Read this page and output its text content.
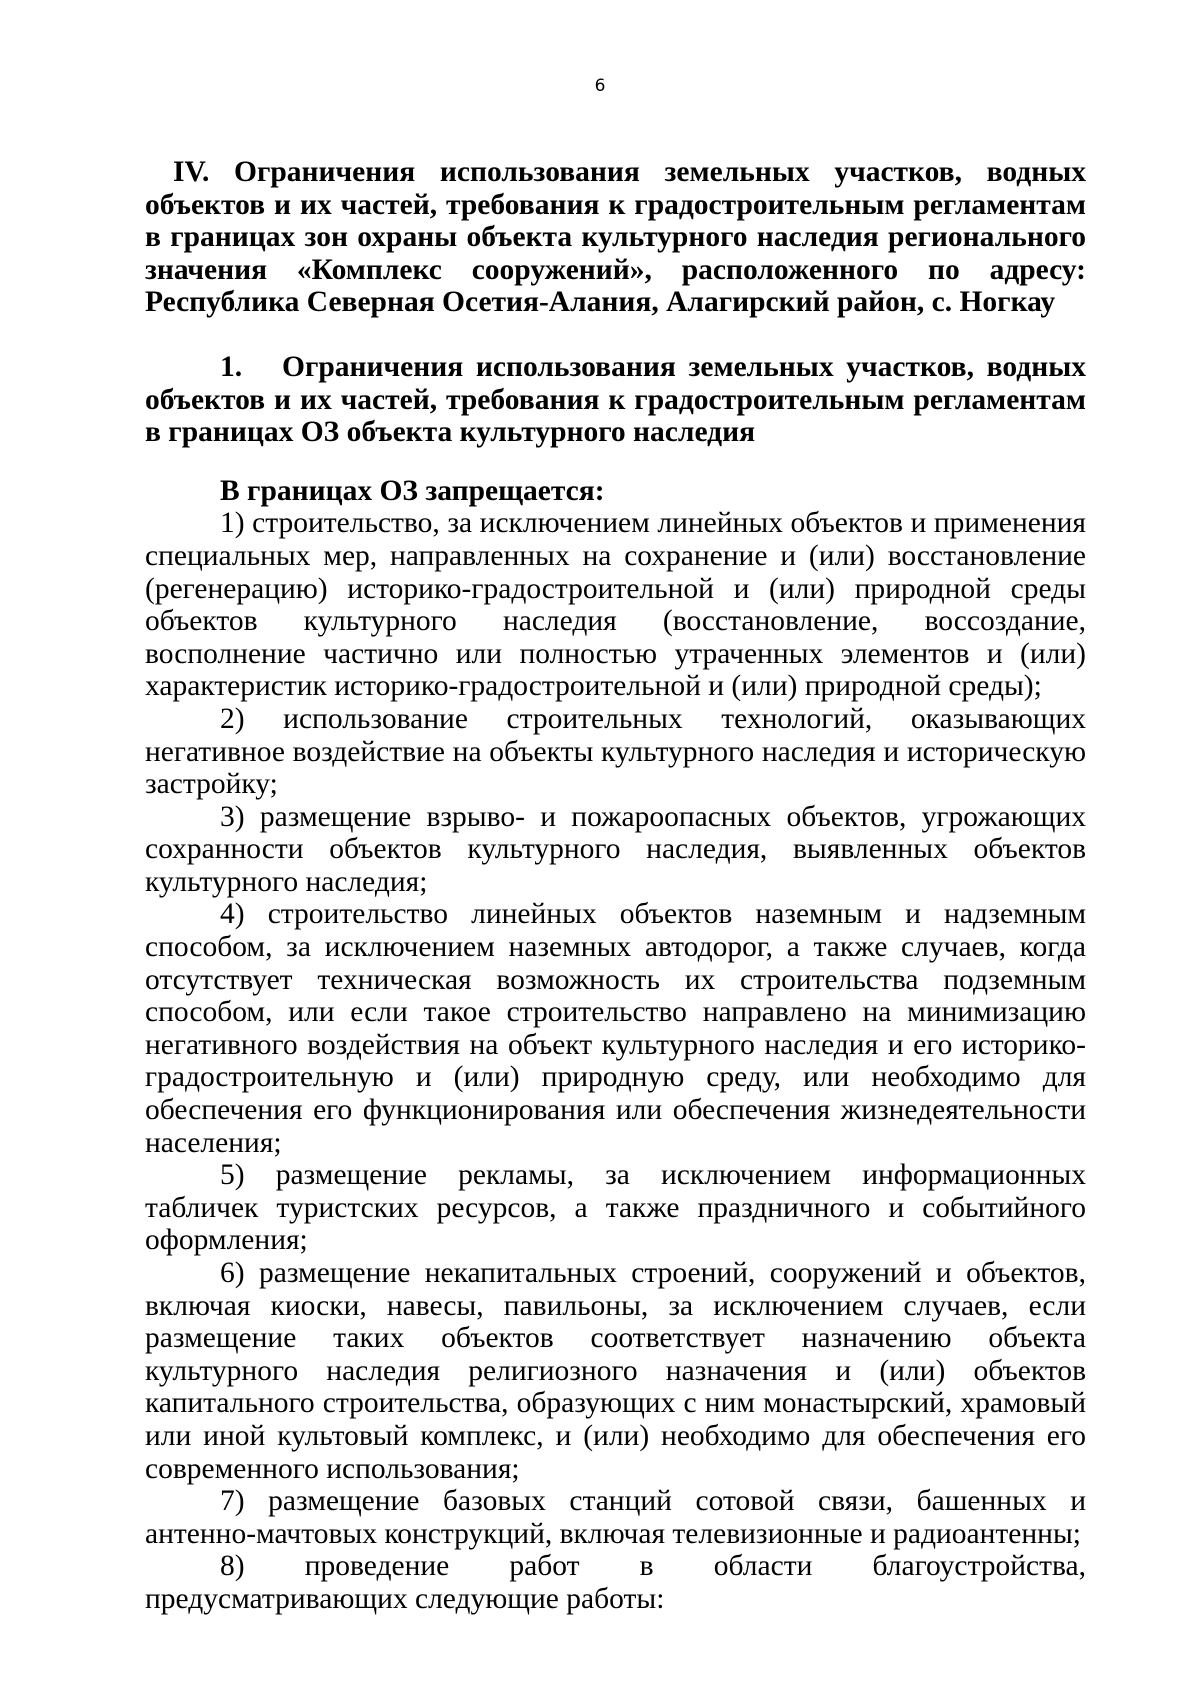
6

IV. Ограничения использования земельных участков, водных объектов и их частей, требования к градостроительным регламентам в границах зон охраны объекта культурного наследия регионального значения «Комплекс сооружений», расположенного по адресу: Республика Северная Осетия-Алания, Алагирский район, с. Ногкау

1. Ограничения использования земельных участков, водных объектов и их частей, требования к градостроительным регламентам в границах ОЗ объекта культурного наследия

В границах ОЗ запрещается:

1) строительство, за исключением линейных объектов и применения специальных мер, направленных на сохранение и (или) восстановление (регенерацию) историко-градостроительной и (или) природной среды объектов культурного наследия (восстановление, воссоздание, восполнение частично или полностью утраченных элементов и (или) характеристик историко-градостроительной и (или) природной среды);

2) использование строительных технологий, оказывающих негативное воздействие на объекты культурного наследия и историческую застройку;

3) размещение взрыво- и пожароопасных объектов, угрожающих сохранности объектов культурного наследия, выявленных объектов культурного наследия;

4) строительство линейных объектов наземным и надземным способом, за исключением наземных автодорог, а также случаев, когда отсутствует техническая возможность их строительства подземным способом, или если такое строительство направлено на минимизацию негативного воздействия на объект культурного наследия и его историко-градостроительную и (или) природную среду, или необходимо для обеспечения его функционирования или обеспечения жизнедеятельности населения;

5) размещение рекламы, за исключением информационных табличек туристских ресурсов, а также праздничного и событийного оформления;

6) размещение некапитальных строений, сооружений и объектов, включая киоски, навесы, павильоны, за исключением случаев, если размещение таких объектов соответствует назначению объекта культурного наследия религиозного назначения и (или) объектов капитального строительства, образующих с ним монастырский, храмовый или иной культовый комплекс, и (или) необходимо для обеспечения его современного использования;

7) размещение базовых станций сотовой связи, башенных и антенно-мачтовых конструкций, включая телевизионные и радиоантенны;

8) проведение работ в области благоустройства, предусматривающих следующие работы:
